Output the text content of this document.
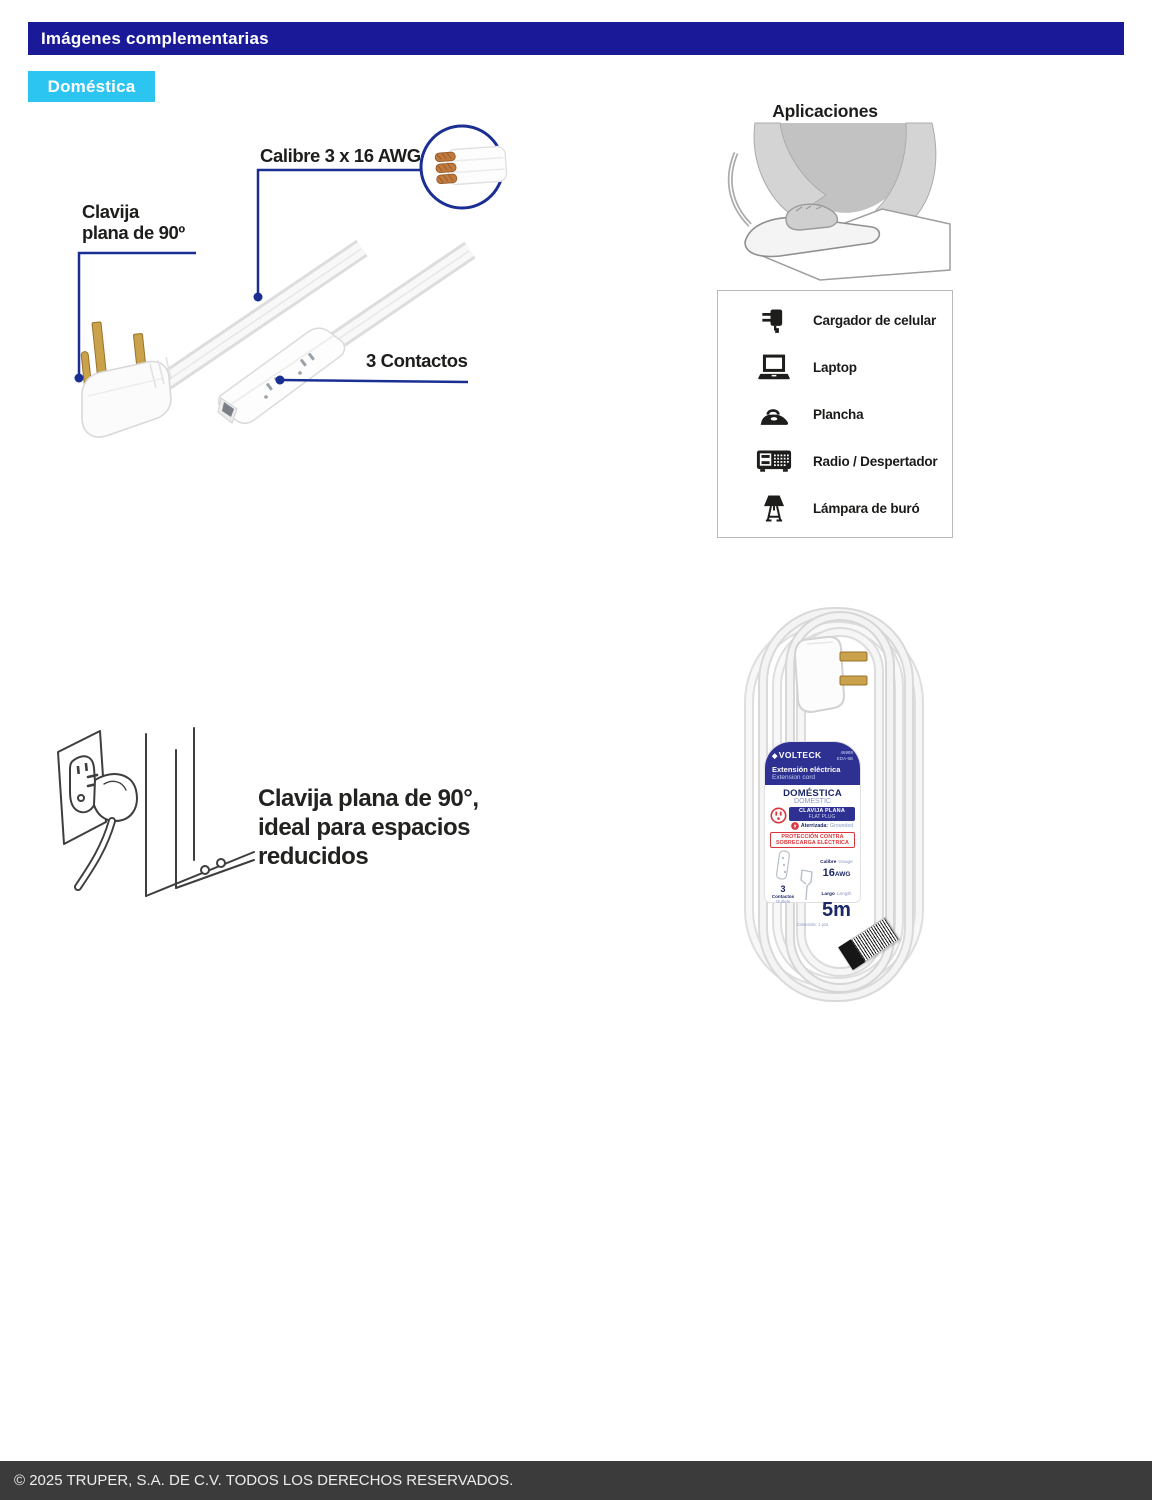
Imágenes complementarias
Doméstica
Calibre 3 x 16 AWG
Clavija
plana de 90º
3 Contactos
Aplicaciones
Cargador de celular
Laptop
Plancha
Radio / Despertador
Lámpara de buró
Clavija plana de 90°,
ideal para espacios
reducidos
◆VOLTECK	46989
EDA-5B
Extensión eléctrica
Extension cord
DOMÉSTICA
DOMESTIC
CLAVIJA PLANA
FLAT PLUG
Aterrizada: Grounded
PROTECCIÓN CONTRA
SOBRECARGA ELÉCTRICA
3
Contactos
Outlets
Calibre Gauge
16AWG
Largo Length
5m
Contenido: 1 pza
© 2025 TRUPER, S.A. DE C.V. TODOS LOS DERECHOS RESERVADOS.
